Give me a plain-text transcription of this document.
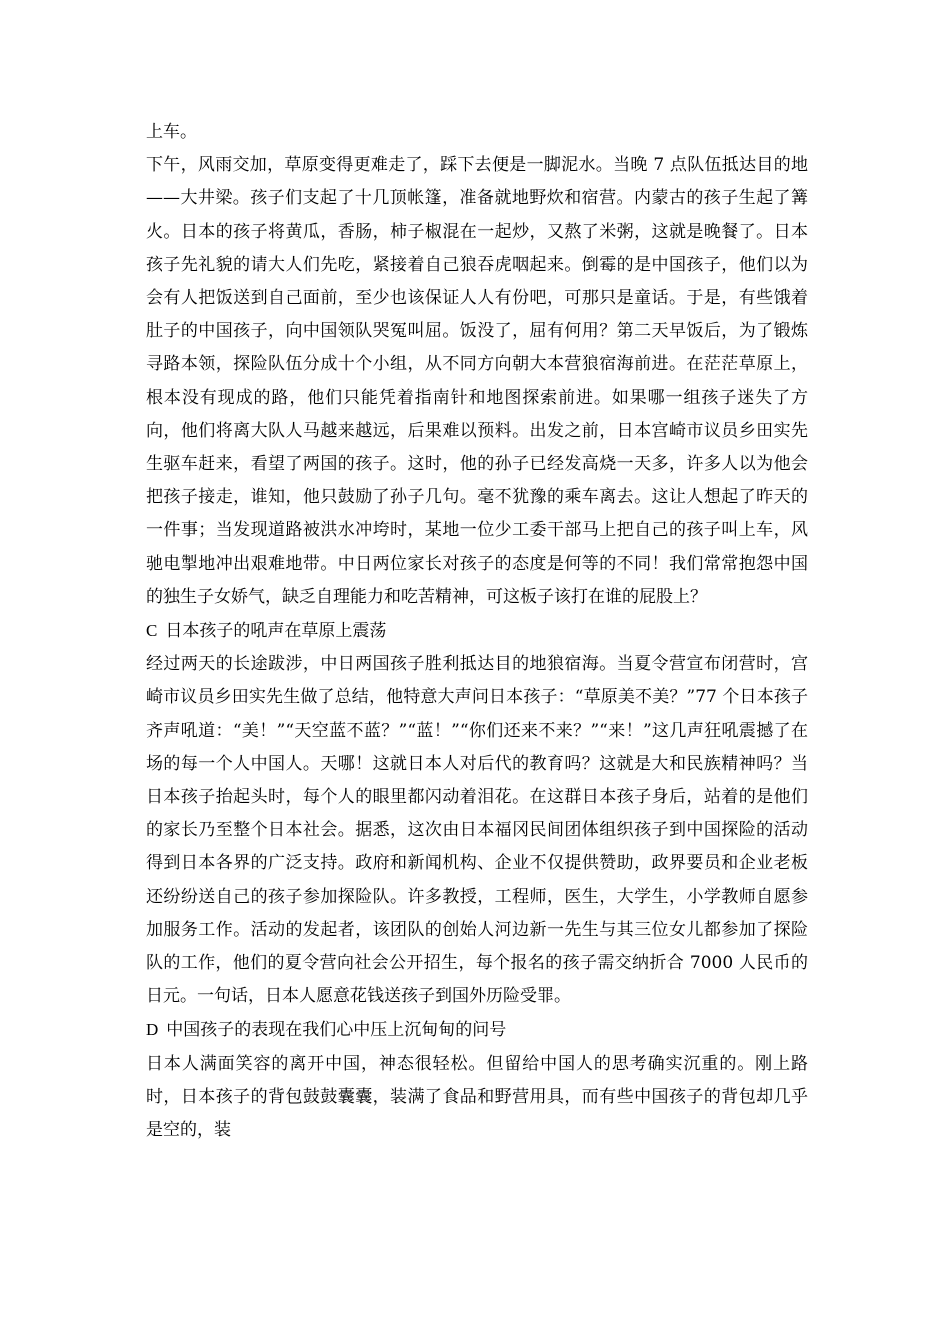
上车。

下午，风雨交加，草原变得更难走了，踩下去便是一脚泥水。当晚 7 点队伍抵达目的地——大井梁。孩子们支起了十几顶帐篷，准备就地野炊和宿营。内蒙古的孩子生起了篝火。日本的孩子将黄瓜，香肠，柿子椒混在一起炒，又熬了米粥，这就是晚餐了。日本孩子先礼貌的请大人们先吃，紧接着自己狼吞虎咽起来。倒霉的是中国孩子，他们以为会有人把饭送到自己面前，至少也该保证人人有份吧，可那只是童话。于是，有些饿着肚子的中国孩子，向中国领队哭冤叫屈。饭没了，屈有何用？第二天早饭后，为了锻炼寻路本领，探险队伍分成十个小组，从不同方向朝大本营狼宿海前进。在茫茫草原上，根本没有现成的路，他们只能凭着指南针和地图探索前进。如果哪一组孩子迷失了方向，他们将离大队人马越来越远，后果难以预料。出发之前，日本宫崎市议员乡田实先生驱车赶来，看望了两国的孩子。这时，他的孙子已经发高烧一天多，许多人以为他会把孩子接走，谁知，他只鼓励了孙子几句。毫不犹豫的乘车离去。这让人想起了昨天的一件事；当发现道路被洪水冲垮时，某地一位少工委干部马上把自己的孩子叫上车，风驰电掣地冲出艰难地带。中日两位家长对孩子的态度是何等的不同！我们常常抱怨中国的独生子女娇气，缺乏自理能力和吃苦精神，可这板子该打在谁的屁股上？

C 日本孩子的吼声在草原上震荡

经过两天的长途跋涉，中日两国孩子胜利抵达目的地狼宿海。当夏令营宣布闭营时，宫崎市议员乡田实先生做了总结，他特意大声问日本孩子：“草原美不美？”77 个日本孩子齐声吼道：“美！”“天空蓝不蓝？”“蓝！”“你们还来不来？”“来！”这几声狂吼震撼了在场的每一个人中国人。天哪！这就日本人对后代的教育吗？这就是大和民族精神吗？当日本孩子抬起头时，每个人的眼里都闪动着泪花。在这群日本孩子身后，站着的是他们的家长乃至整个日本社会。据悉，这次由日本福冈民间团体组织孩子到中国探险的活动得到日本各界的广泛支持。政府和新闻机构、企业不仅提供赞助，政界要员和企业老板还纷纷送自己的孩子参加探险队。许多教授，工程师，医生，大学生，小学教师自愿参加服务工作。活动的发起者，该团队的创始人河边新一先生与其三位女儿都参加了探险队的工作，他们的夏令营向社会公开招生，每个报名的孩子需交纳折合 7000 人民币的日元。一句话，日本人愿意花钱送孩子到国外历险受罪。

D 中国孩子的表现在我们心中压上沉甸甸的问号

日本人满面笑容的离开中国，神态很轻松。但留给中国人的思考确实沉重的。刚上路时，日本孩子的背包鼓鼓囊囊，装满了食品和野营用具，而有些中国孩子的背包却几乎是空的，装
